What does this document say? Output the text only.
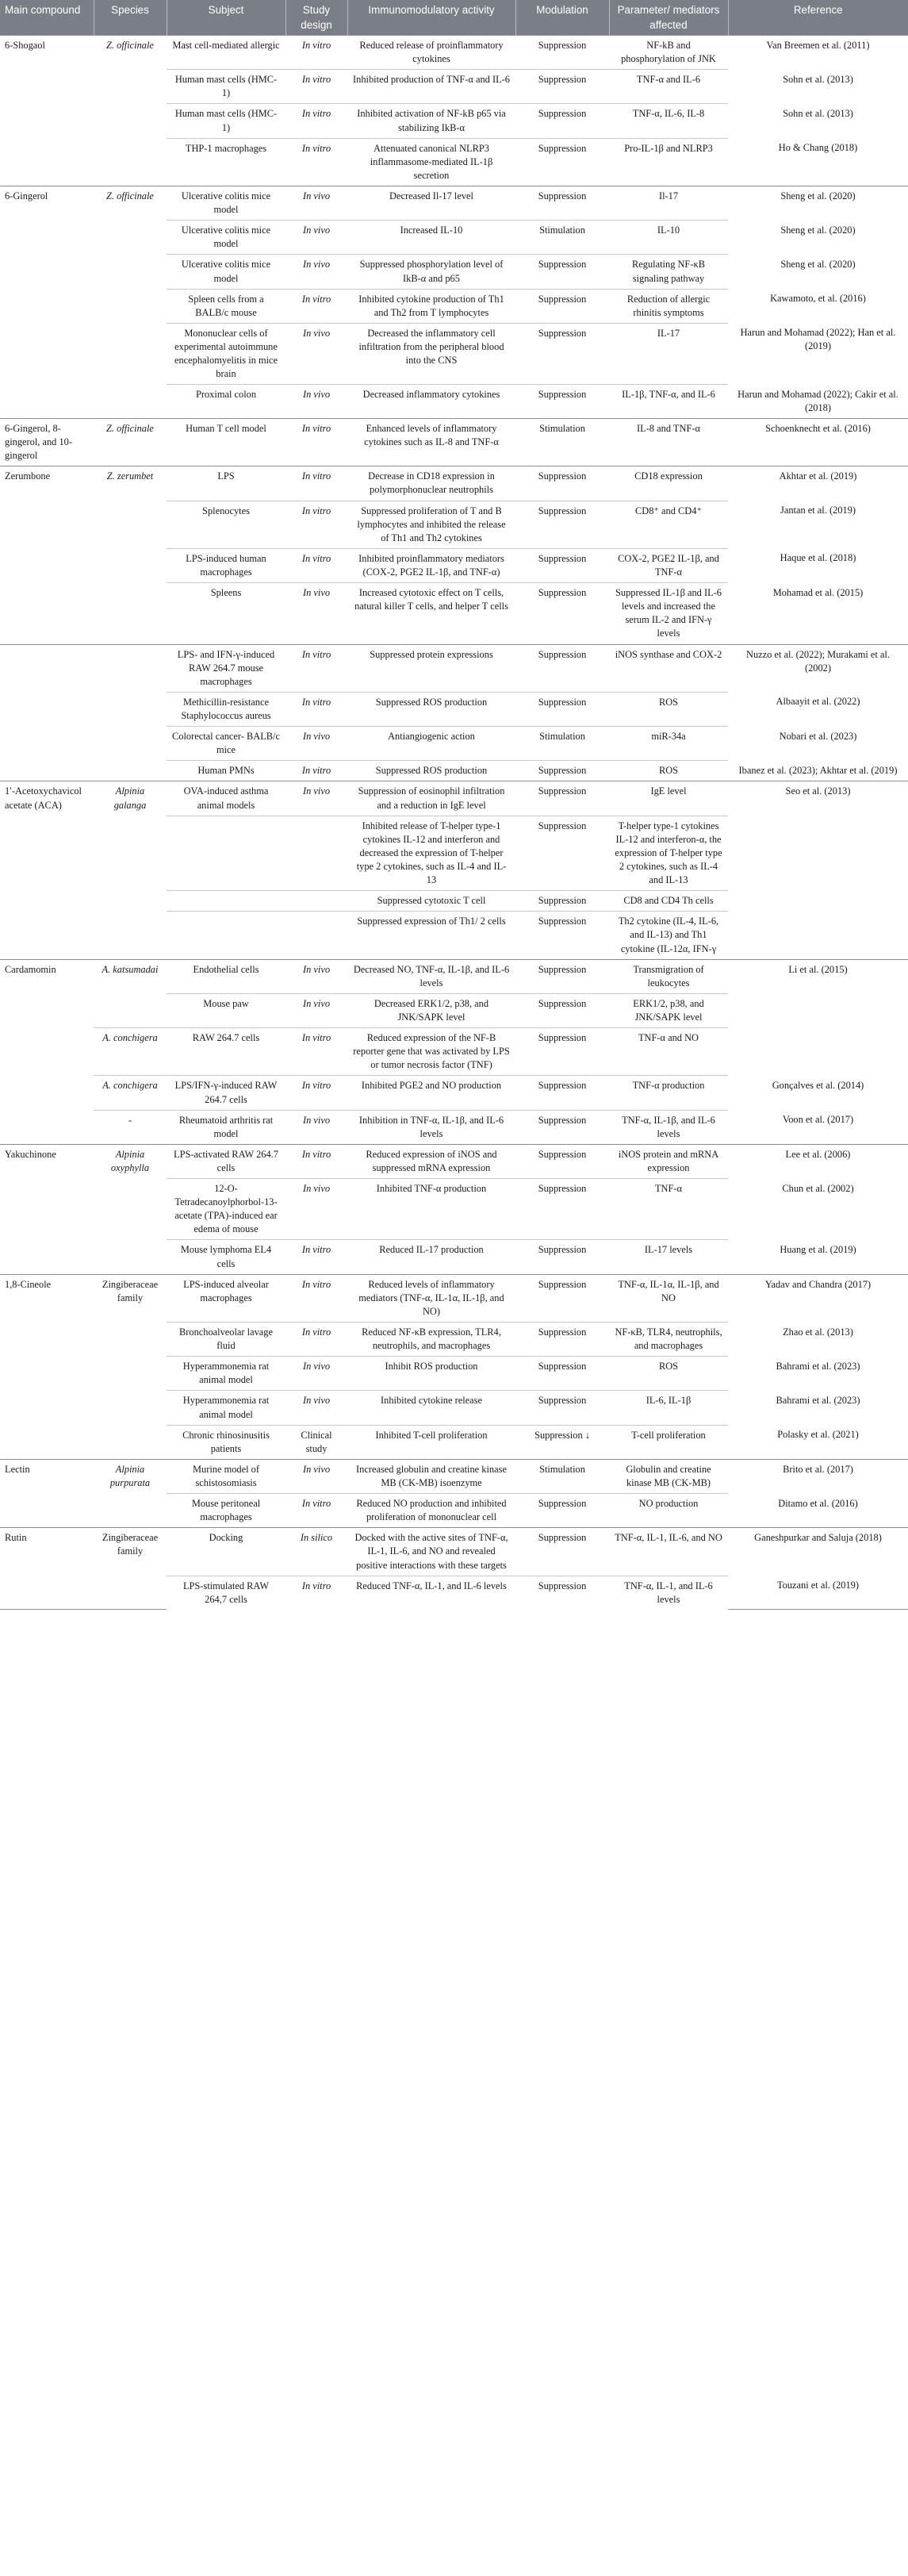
Main compound	Species	Subject	Study design	Immunomodulatory activity	Modulation	Parameter/ mediators affected	Reference
6-Shogaol	Z. officinale	Mast cell-mediated allergic	In vitro	Reduced release of proinflammatory cytokines	Suppression	NF-kB and phosphorylation of JNK	Van Breemen et al. (2011)
		Human mast cells (HMC-1)	In vitro	Inhibited production of TNF-α and IL-6	Suppression	TNF-α and IL-6	Sohn et al. (2013)
		Human mast cells (HMC-1)	In vitro	Inhibited activation of NF-kB p65 via stabilizing IkB-α	Suppression	TNF-α, IL-6, IL-8	Sohn et al. (2013)
		THP-1 macrophages	In vitro	Attenuated canonical NLRP3 inflammasome-mediated IL-1β secretion	Suppression	Pro-IL-1β and NLRP3	Ho & Chang (2018)
6-Gingerol	Z. officinale	Ulcerative colitis mice model	In vivo	Decreased Il-17 level	Suppression	Il-17	Sheng et al. (2020)
		Ulcerative colitis mice model	In vivo	Increased IL-10	Stimulation	IL-10	Sheng et al. (2020)
		Ulcerative colitis mice model	In vivo	Suppressed phosphorylation level of IkB-α and p65	Suppression	Regulating NF-κB signaling pathway	Sheng et al. (2020)
		Spleen cells from a BALB/c mouse	In vitro	Inhibited cytokine production of Th1 and Th2 from T lymphocytes	Suppression	Reduction of allergic rhinitis symptoms	Kawamoto, et al. (2016)
		Mononuclear cells of experimental autoimmune encephalomyelitis in mice brain	In vivo	Decreased the inflammatory cell infiltration from the peripheral blood into the CNS	Suppression	IL-17	Harun and Mohamad (2022); Han et al. (2019)
		Proximal colon	In vivo	Decreased inflammatory cytokines	Suppression	IL-1β, TNF-α, and IL-6	Harun and Mohamad (2022); Cakir et al. (2018)
6-Gingerol, 8-gingerol, and 10-gingerol	Z. officinale	Human T cell model	In vitro	Enhanced levels of inflammatory cytokines such as IL-8 and TNF-α	Stimulation	IL-8 and TNF-α	Schoenknecht et al. (2016)
Zerumbone	Z. zerumbet	LPS	In vitro	Decrease in CD18 expression in polymorphonuclear neutrophils	Suppression	CD18 expression	Akhtar et al. (2019)
		Splenocytes	In vitro	Suppressed proliferation of T and B lymphocytes and inhibited the release of Th1 and Th2 cytokines	Suppression	CD8⁺ and CD4⁺	Jantan et al. (2019)
		LPS-induced human macrophages	In vitro	Inhibited proinflammatory mediators (COX-2, PGE2 IL-1β, and TNF-α)	Suppression	COX-2, PGE2 IL-1β, and TNF-α	Haque et al. (2018)
		Spleens	In vivo	Increased cytotoxic effect on T cells, natural killer T cells, and helper T cells	Suppression	Suppressed IL-1β and IL-6 levels and increased the serum IL-2 and IFN-γ levels	Mohamad et al. (2015)
		LPS- and IFN-γ-induced RAW 264.7 mouse macrophages	In vitro	Suppressed protein expressions	Suppression	iNOS synthase and COX-2	Nuzzo et al. (2022); Murakami et al. (2002)
		Methicillin-resistance Staphylococcus aureus	In vitro	Suppressed ROS production	Suppression	ROS	Albaayit et al. (2022)
		Colorectal cancer- BALB/c mice	In vivo	Antiangiogenic action	Stimulation	miR-34a	Nobari et al. (2023)
		Human PMNs	In vitro	Suppressed ROS production	Suppression	ROS	Ibanez et al. (2023); Akhtar et al. (2019)
1′-Acetoxychavicol acetate (ACA)	Alpinia galanga	OVA-induced asthma animal models	In vivo	Suppression of eosinophil infiltration and a reduction in IgE level	Suppression	IgE level	Seo et al. (2013)
				Inhibited release of T-helper type-1 cytokines IL-12 and interferon and decreased the expression of T-helper type 2 cytokines, such as IL-4 and IL-13	Suppression	T-helper type-1 cytokines IL-12 and interferon-α, the expression of T-helper type 2 cytokines, such as IL-4 and IL-13	
				Suppressed cytotoxic T cell	Suppression	CD8 and CD4 Th cells	
				Suppressed expression of Th1/ 2 cells	Suppression	Th2 cytokine (IL-4, IL-6, and IL-13) and Th1 cytokine (IL-12α, IFN-γ	
Cardamomin	A. katsumadai	Endothelial cells	In vivo	Decreased NO, TNF-α, IL-1β, and IL-6 levels	Suppression	Transmigration of leukocytes	Li et al. (2015)
		Mouse paw	In vivo	Decreased ERK1/2, p38, and JNK/SAPK level	Suppression	ERK1/2, p38, and JNK/SAPK level	
	A. conchigera	RAW 264.7 cells	In vitro	Reduced expression of the NF-B reporter gene that was activated by LPS or tumor necrosis factor (TNF)	Suppression	TNF-α and NO	
	A. conchigera	LPS/IFN-γ-induced RAW 264.7 cells	In vitro	Inhibited PGE2 and NO production	Suppression	TNF-α production	Gonçalves et al. (2014)
	-	Rheumatoid arthritis rat model	In vivo	Inhibition in TNF-α, IL-1β, and IL-6 levels	Suppression	TNF-α, IL-1β, and IL-6 levels	Voon et al. (2017)
Yakuchinone	Alpinia oxyphylla	LPS-activated RAW 264.7 cells	In vitro	Reduced expression of iNOS and suppressed mRNA expression	Suppression	iNOS protein and mRNA expression	Lee et al. (2006)
		12-O-Tetradecanoylphorbol-13-acetate (TPA)-induced ear edema of mouse	In vivo	Inhibited TNF-α production	Suppression	TNF-α	Chun et al. (2002)
		Mouse lymphoma EL4 cells	In vitro	Reduced IL-17 production	Suppression	IL-17 levels	Huang et al. (2019)
1,8-Cineole	Zingiberaceae family	LPS-induced alveolar macrophages	In vitro	Reduced levels of inflammatory mediators (TNF-α, IL-1α, IL-1β, and NO)	Suppression	TNF-α, IL-1α, IL-1β, and NO	Yadav and Chandra (2017)
		Bronchoalveolar lavage fluid	In vitro	Reduced NF-κB expression, TLR4, neutrophils, and macrophages	Suppression	NF-κB, TLR4, neutrophils, and macrophages	Zhao et al. (2013)
		Hyperammonemia rat animal model	In vivo	Inhibit ROS production	Suppression	ROS	Bahrami et al. (2023)
		Hyperammonemia rat animal model	In vivo	Inhibited cytokine release	Suppression	IL-6, IL-1β	Bahrami et al. (2023)
		Chronic rhinosinusitis patients	Clinical study	Inhibited T-cell proliferation	Suppression ↓	T-cell proliferation	Polasky et al. (2021)
Lectin	Alpinia purpurata	Murine model of schistosomiasis	In vivo	Increased globulin and creatine kinase MB (CK-MB) isoenzyme	Stimulation	Globulin and creatine kinase MB (CK-MB)	Brito et al. (2017)
		Mouse peritoneal macrophages	In vitro	Reduced NO production and inhibited proliferation of mononuclear cell	Suppression	NO production	Ditamo et al. (2016)
Rutin	Zingiberaceae family	Docking	In silico	Docked with the active sites of TNF-α, IL-1, IL-6, and NO and revealed positive interactions with these targets	Suppression	TNF-α, IL-1, IL-6, and NO	Ganeshpurkar and Saluja (2018)
		LPS-stimulated RAW 264,7 cells	In vitro	Reduced TNF-α, IL-1, and IL-6 levels	Suppression	TNF-α, IL-1, and IL-6 levels	Touzani et al. (2019)
